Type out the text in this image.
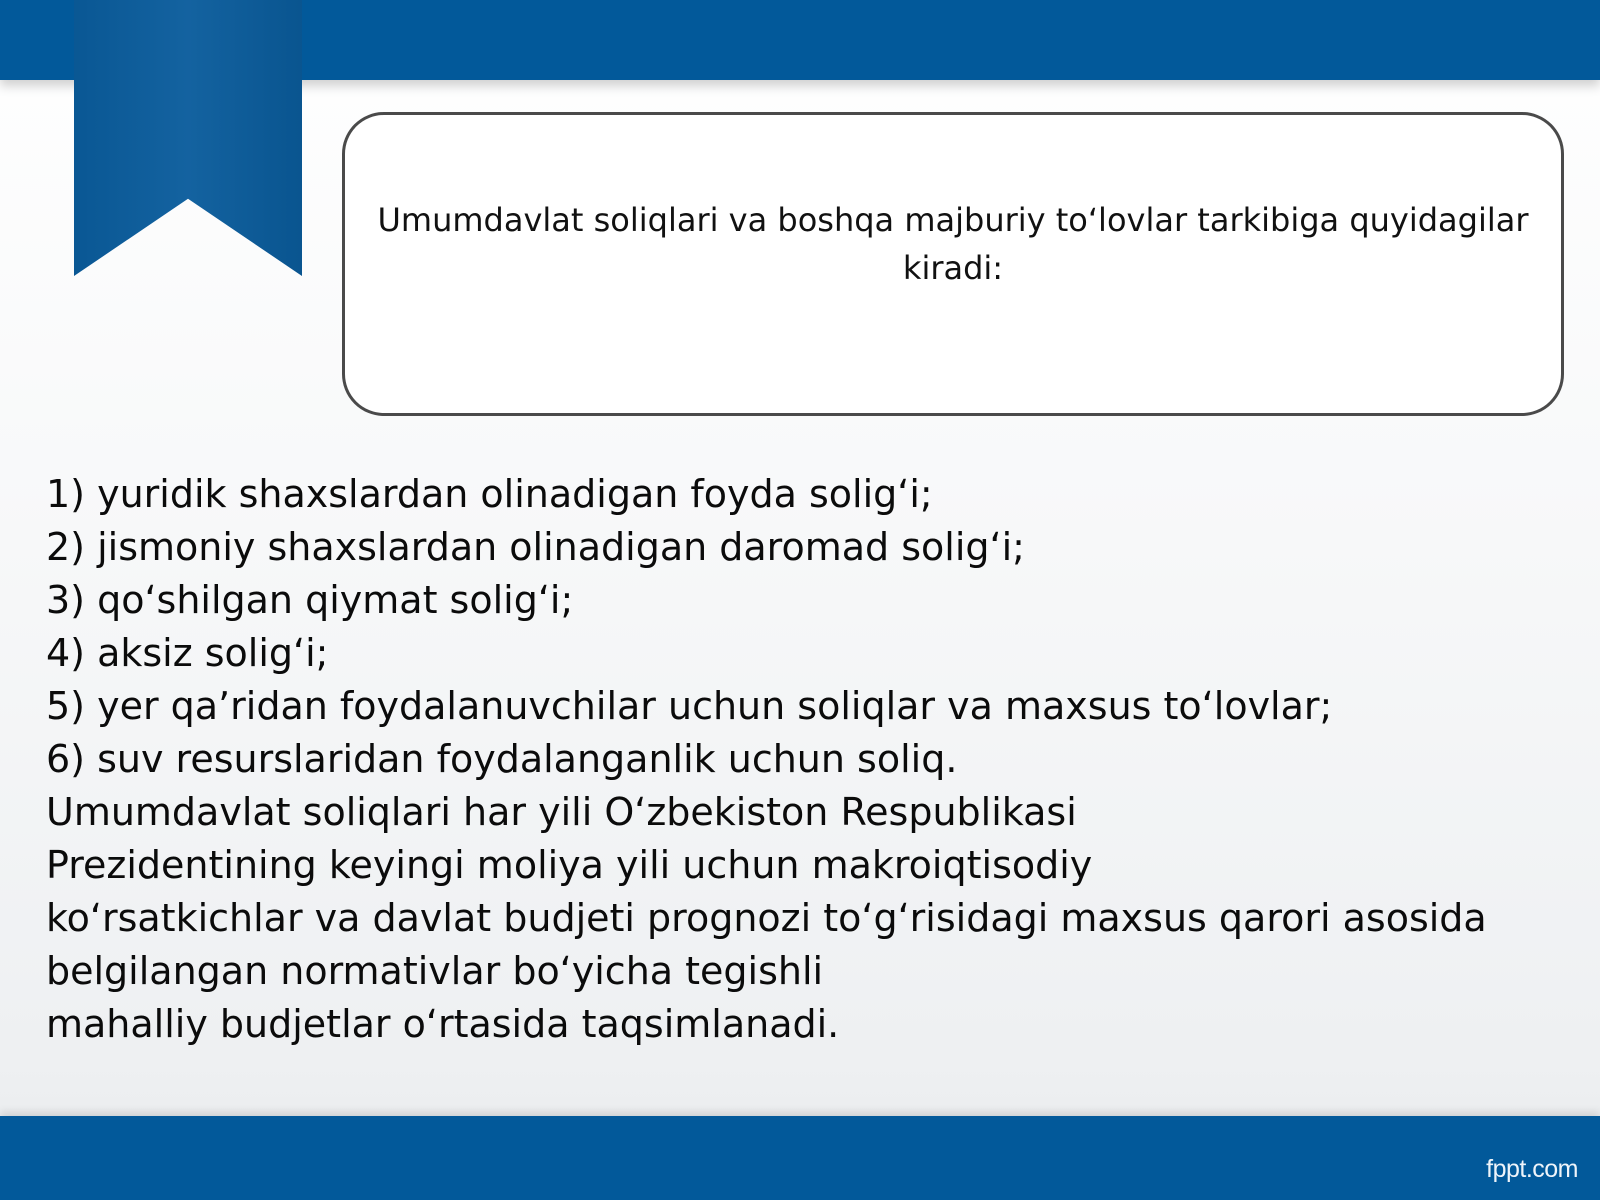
Umumdavlat soliqlari va boshqa majburiy to‘lovlar tarkibiga quyidagilar kiradi:

1) yuridik shaxslardan olinadigan foyda solig‘i;
2) jismoniy shaxslardan olinadigan daromad solig‘i;
3) qo‘shilgan qiymat solig‘i;
4) aksiz solig‘i;
5) yer qa’ridan foydalanuvchilar uchun soliqlar va maxsus to‘lovlar;
6) suv resurslaridan foydalanganlik uchun soliq.
Umumdavlat soliqlari har yili O‘zbekiston Respublikasi
Prezidentining keyingi moliya yili uchun makroiqtisodiy
ko‘rsatkichlar va davlat budjeti prognozi to‘g‘risidagi maxsus qarori asosida
belgilangan normativlar bo‘yicha tegishli
mahalliy budjetlar o‘rtasida taqsimlanadi.
fppt.com
